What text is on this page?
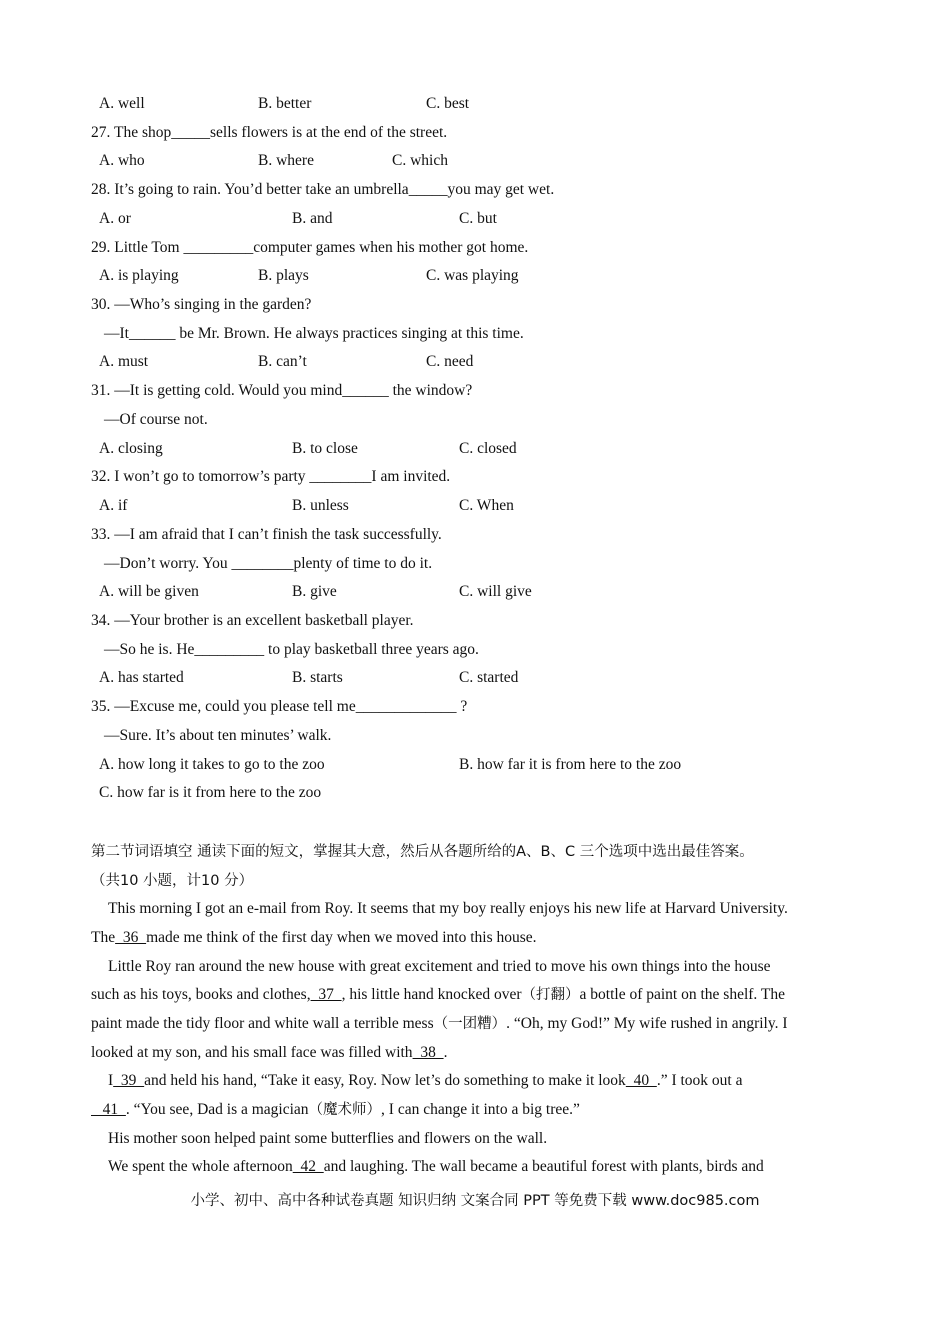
A. well	B. better	C. best
27. The shop_____sells flowers is at the end of the street.
A. who	B. where	C. which
28. It’s going to rain. You’d better take an umbrella_____you may get wet.
A. or	B. and	C. but
29. Little Tom _________computer games when his mother got home.
A. is playing	B. plays	C. was playing
30. —Who’s singing in the garden?
—It______ be Mr. Brown. He always practices singing at this time.
A. must	B. can’t	C. need
31. —It is getting cold. Would you mind______ the window?
—Of course not.
A. closing	B. to close	C. closed
32. I won’t go to tomorrow’s party ________I am invited.
A. if	B. unless	C. When
33. —I am afraid that I can’t finish the task successfully.
—Don’t worry. You ________plenty of time to do it.
A. will be given	B. give	C. will give
34. —Your brother is an excellent basketball player.
—So he is. He_________ to play basketball three years ago.
A. has started	B. starts	C. started
35. —Excuse me, could you please tell me_____________ ?
—Sure. It’s about ten minutes’ walk.
A. how long it takes to go to the zoo	B. how far it is from here to the zoo
C. how far is it from here to the zoo
第二节词语填空 通读下面的短文，掌握其大意，然后从各题所给的A、B、C 三个选项中选出最佳答案。
（共10 小题，计10 分）
This morning I got an e-mail from Roy. It seems that my boy really enjoys his new life at Harvard University.
The  36  made me think of the first day when we moved into this house.
Little Roy ran around the new house with great excitement and tried to move his own things into the house
such as his toys, books and clothes,  37  , his little hand knocked over（打翻）a bottle of paint on the shelf. The
paint made the tidy floor and white wall a terrible mess（一团糟）. “Oh, my God!” My wife rushed in angrily. I
looked at my son, and his small face was filled with  38  .
I  39  and held his hand, “Take it easy, Roy. Now let’s do something to make it look  40  .” I took out a
41  . “You see, Dad is a magician（魔术师）, I can change it into a big tree.”
His mother soon helped paint some butterflies and flowers on the wall.
We spent the whole afternoon  42  and laughing. The wall became a beautiful forest with plants, birds and
小学、初中、高中各种试卷真题 知识归纳 文案合同 PPT 等免费下载 www.doc985.com
